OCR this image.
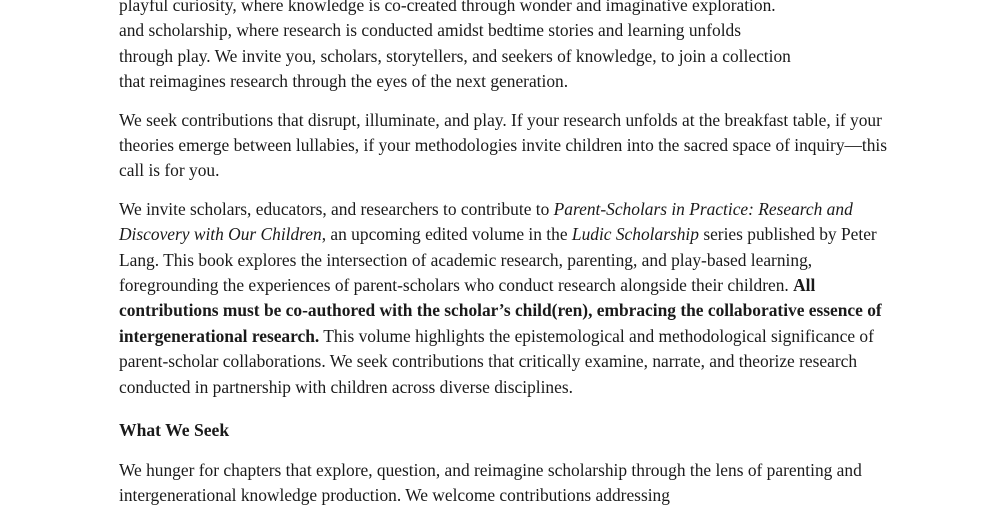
playful curiosity, where knowledge is co-created through wonder and imaginative exploration.
and scholarship, where research is conducted amidst bedtime stories and learning unfolds
through play. We invite you, scholars, storytellers, and seekers of knowledge, to join a collection
that reimagines research through the eyes of the next generation.

We seek contributions that disrupt, illuminate, and play. If your research unfolds at the breakfast table, if your theories emerge between lullabies, if your methodologies invite children into the sacred space of inquiry—this call is for you.

We invite scholars, educators, and researchers to contribute to Parent-Scholars in Practice: Research and Discovery with Our Children, an upcoming edited volume in the Ludic Scholarship series published by Peter Lang. This book explores the intersection of academic research, parenting, and play-based learning, foregrounding the experiences of parent-scholars who conduct research alongside their children. All contributions must be co-authored with the scholar’s child(ren), embracing the collaborative essence of intergenerational research. This volume highlights the epistemological and methodological significance of parent-scholar collaborations. We seek contributions that critically examine, narrate, and theorize research conducted in partnership with children across diverse disciplines.

What We Seek

We hunger for chapters that explore, question, and reimagine scholarship through the lens of parenting and intergenerational knowledge production. We welcome contributions addressing
